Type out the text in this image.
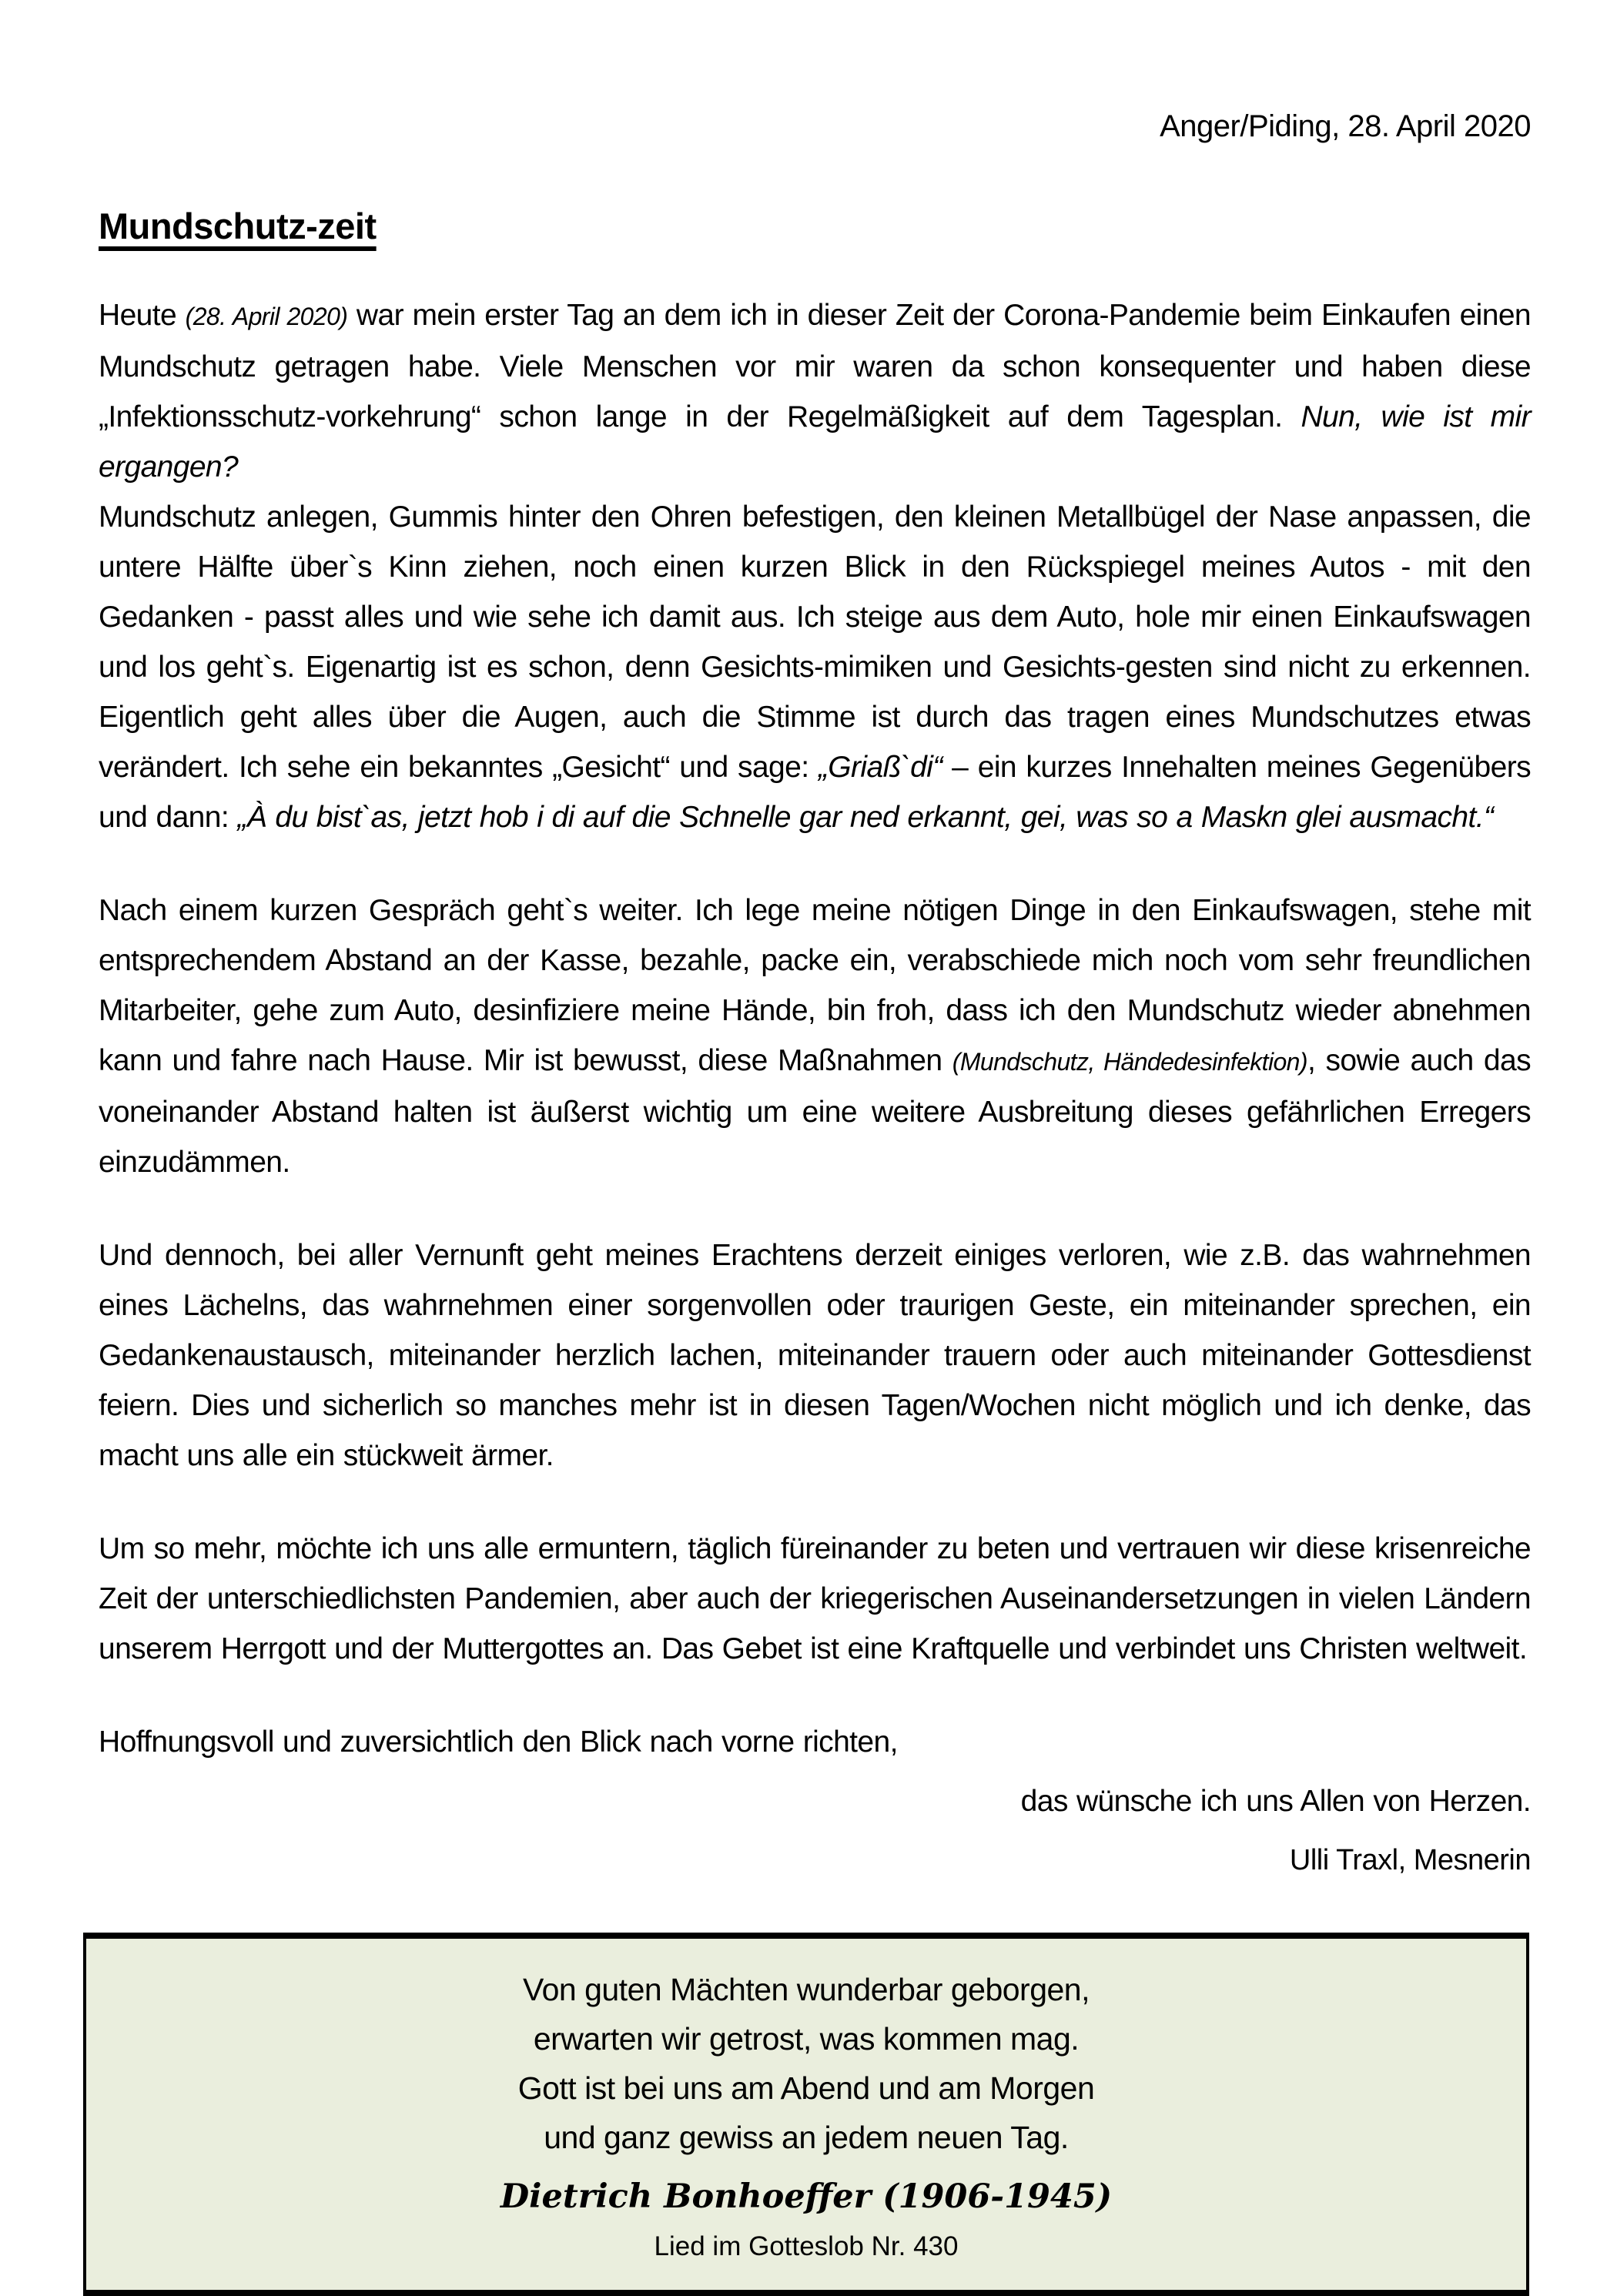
Anger/Piding, 28. April 2020
Mundschutz-zeit

Heute (28. April 2020) war mein erster Tag an dem ich in dieser Zeit der Corona-Pandemie beim Einkaufen einen Mundschutz getragen habe. Viele Menschen vor mir waren da schon konsequenter und haben diese „Infektionsschutz-vorkehrung“ schon lange in der Regelmäßigkeit auf dem Tagesplan. Nun, wie ist mir ergangen?

Mundschutz anlegen, Gummis hinter den Ohren befestigen, den kleinen Metallbügel der Nase anpassen, die untere Hälfte über`s Kinn ziehen, noch einen kurzen Blick in den Rückspiegel meines Autos - mit den Gedanken - passt alles und wie sehe ich damit aus. Ich steige aus dem Auto, hole mir einen Einkaufswagen und los geht`s. Eigenartig ist es schon, denn Gesichts-mimiken und Gesichts-gesten sind nicht zu erkennen. Eigentlich geht alles über die Augen, auch die Stimme ist durch das tragen eines Mundschutzes etwas verändert. Ich sehe ein bekanntes „Gesicht“ und sage: „Griaß`di“ – ein kurzes Innehalten meines Gegenübers und dann: „À du bist`as, jetzt hob i di auf die Schnelle gar ned erkannt, gei, was so a Maskn glei ausmacht.“

Nach einem kurzen Gespräch geht`s weiter. Ich lege meine nötigen Dinge in den Einkaufswagen, stehe mit entsprechendem Abstand an der Kasse, bezahle, packe ein, verabschiede mich noch vom sehr freundlichen Mitarbeiter, gehe zum Auto, desinfiziere meine Hände, bin froh, dass ich den Mundschutz wieder abnehmen kann und fahre nach Hause. Mir ist bewusst, diese Maßnahmen (Mundschutz, Händedesinfektion), sowie auch das voneinander Abstand halten ist äußerst wichtig um eine weitere Ausbreitung dieses gefährlichen Erregers einzudämmen.

Und dennoch, bei aller Vernunft geht meines Erachtens derzeit einiges verloren, wie z.B. das wahrnehmen eines Lächelns, das wahrnehmen einer sorgenvollen oder traurigen Geste, ein miteinander sprechen, ein Gedankenaustausch, miteinander herzlich lachen, miteinander trauern oder auch miteinander Gottesdienst feiern. Dies und sicherlich so manches mehr ist in diesen Tagen/Wochen nicht möglich und ich denke, das macht uns alle ein stückweit ärmer.

Um so mehr, möchte ich uns alle ermuntern, täglich füreinander zu beten und vertrauen wir diese krisenreiche Zeit der unterschiedlichsten Pandemien, aber auch der kriegerischen Auseinandersetzungen in vielen Ländern unserem Herrgott und der Muttergottes an. Das Gebet ist eine Kraftquelle und verbindet uns Christen weltweit.

Hoffnungsvoll und zuversichtlich den Blick nach vorne richten,

das wünsche ich uns Allen von Herzen.

Ulli Traxl, Mesnerin

Von guten Mächten wunderbar geborgen,
erwarten wir getrost, was kommen mag.
Gott ist bei uns am Abend und am Morgen
und ganz gewiss an jedem neuen Tag.
Dietrich Bonhoeffer (1906-1945)
Lied im Gotteslob Nr. 430
